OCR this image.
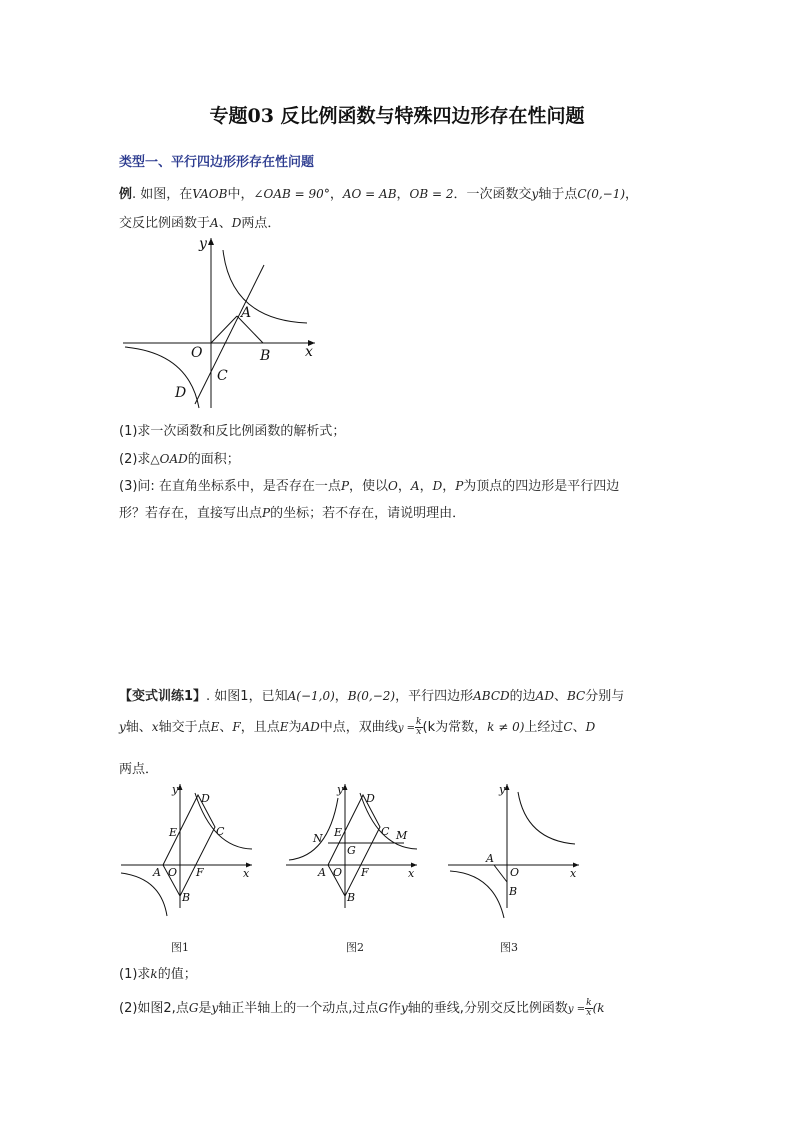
专题03 反比例函数与特殊四边形存在性问题
类型一、平行四边形形存在性问题
例. 如图，在VAOB中，∠OAB = 90°，AO = AB，OB = 2．一次函数交y轴于点C(0,−1)，
交反比例函数于A、D两点．
y
x
O
A
B
C
D
(1)求一次函数和反比例函数的解析式；
(2)求△OAD的面积；
(3)问: 在直角坐标系中，是否存在一点P，使以O，A，D，P为顶点的四边形是平行四边
形？若存在，直接写出点P的坐标；若不存在，请说明理由．
【变式训练1】. 如图1，已知A(−1,0)，B(0,−2)，平行四边形ABCD的边AD、BC分别与
y轴、x轴交于点E、F，且点E为AD中点，双曲线$y = \frac{k}{x} (k$为常数，k ≠ 0)上经过C、D
两点．
y
x
A O F
B
E
D
C
图1
y
x
A O F
B
E
D
C
N	M
G
图2
y
x
A
O
B
图3
(1)求k的值；
(2)如图2,点G是y轴正半轴上的一个动点,过点G作y轴的垂线,分别交反比例函数$y = \frac{k}{x} (k$
